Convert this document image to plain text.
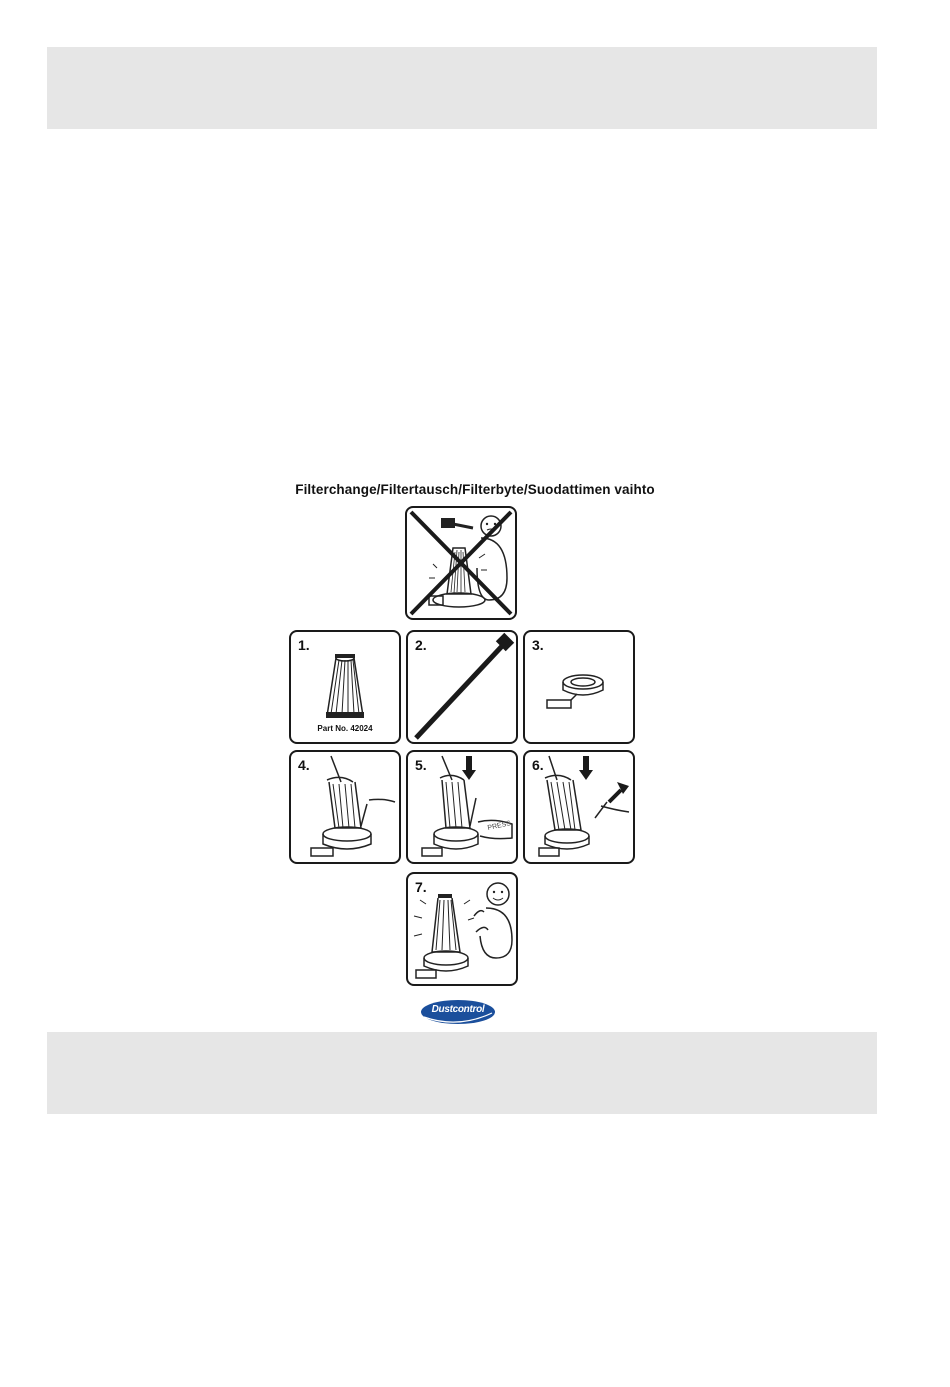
Filterchange/Filtertausch/Filterbyte/Suodattimen vaihto
1.
Part No. 42024
2.	3.
4.	5.
PRESS
6.
7.
Dustcontrol
